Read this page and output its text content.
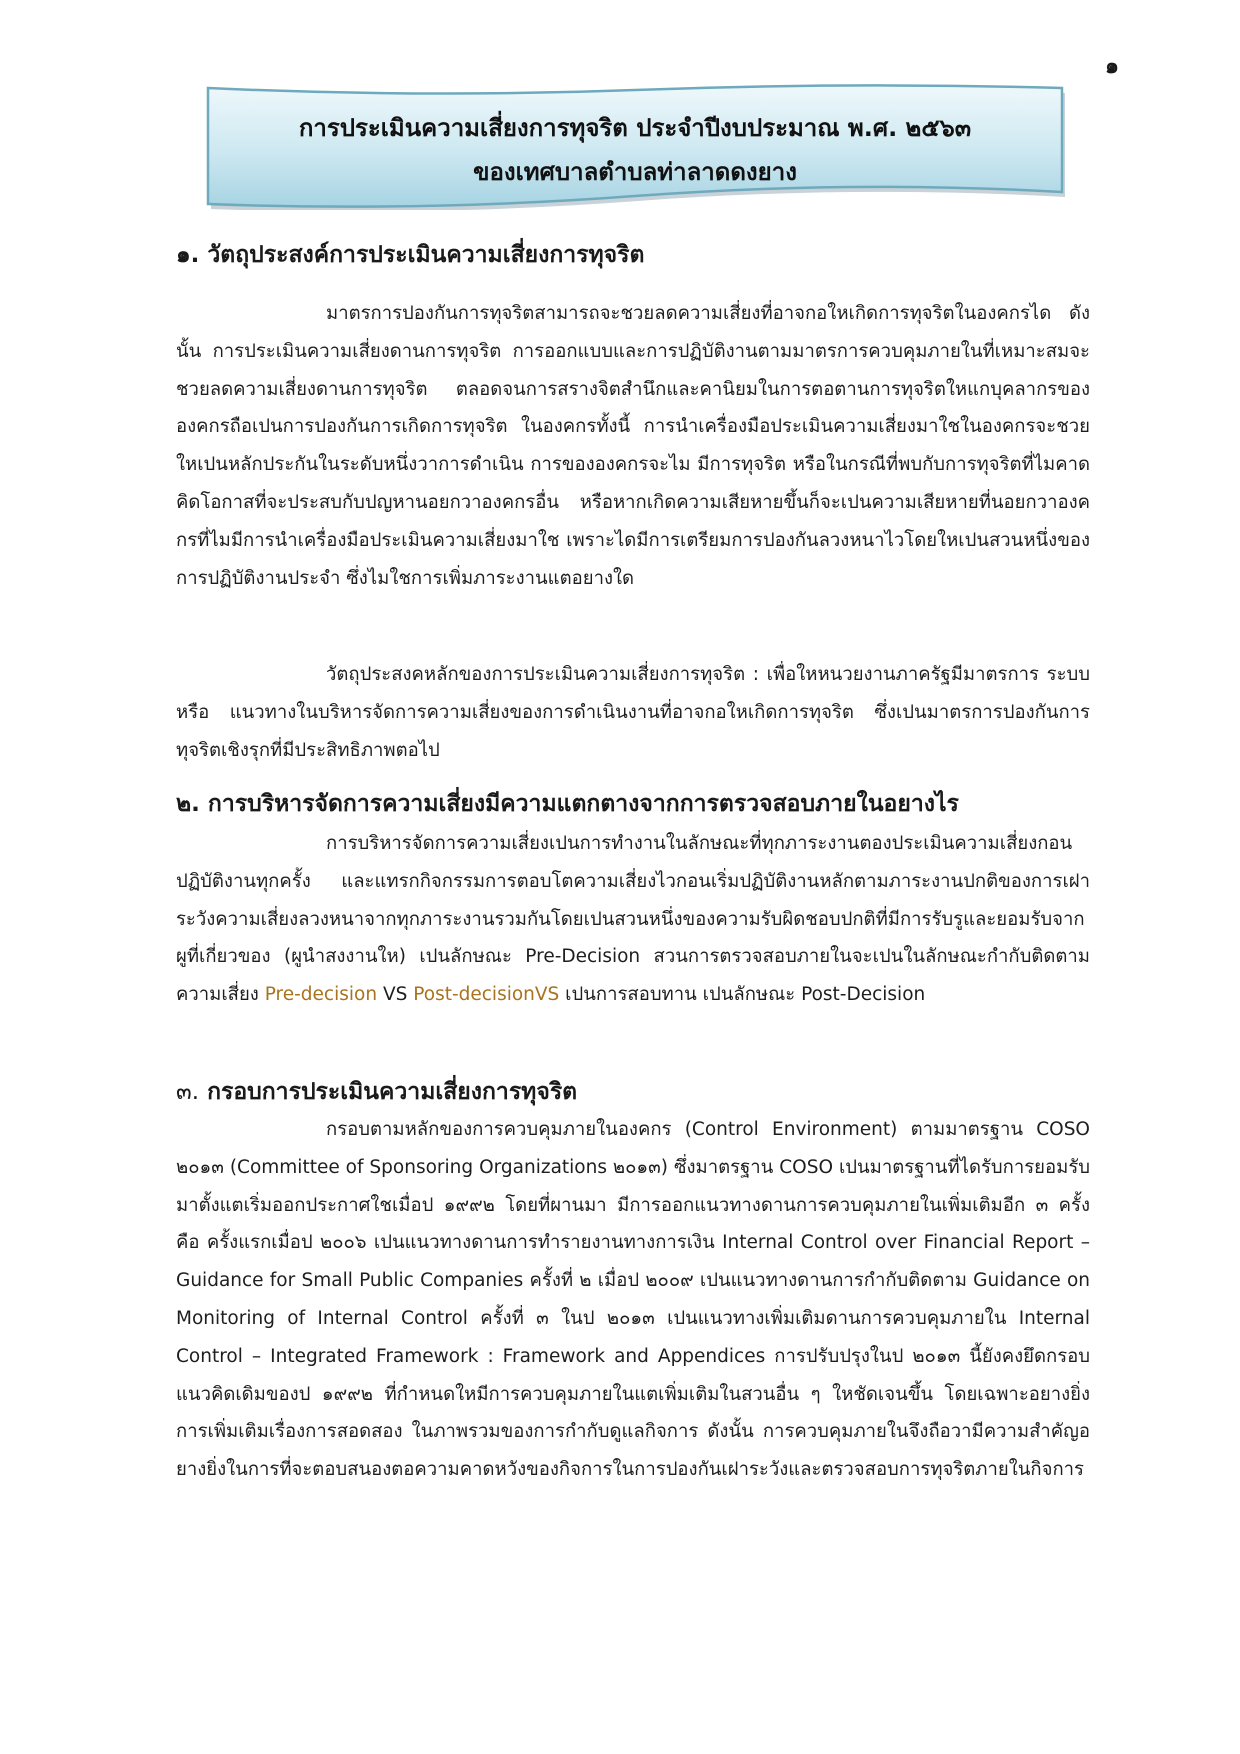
๑
การประเมินความเสี่ยงการทุจริต ประจำปีงบประมาณ พ.ศ. ๒๕๖๓
ของเทศบาลตำบลท่าลาดดงยาง
๑. วัตถุประสงค์การประเมินความเสี่ยงการทุจริต

มาตรการปองกันการทุจริตสามารถจะชวยลดความเสี่ยงที่อาจกอใหเกิดการทุจริตในองคกรได ดังนั้น การประเมินความเสี่ยงดานการทุจริต การออกแบบและการปฏิบัติงานตามมาตรการควบคุมภายในที่เหมาะสมจะชวยลดความเสี่ยงดานการทุจริต ตลอดจนการสรางจิตสำนึกและคานิยมในการตอตานการทุจริตใหแกบุคลากรขององคกรถือเปนการปองกันการเกิดการทุจริต ในองคกรทั้งนี้ การนำเครื่องมือประเมินความเสี่ยงมาใชในองคกรจะชวยใหเปนหลักประกันในระดับหนึ่งวาการดำเนิน การขององคกรจะไม มีการทุจริต หรือในกรณีที่พบกับการทุจริตที่ไมคาดคิดโอกาสที่จะประสบกับปญหานอยกวาองคกรอื่น หรือหากเกิดความเสียหายขึ้นก็จะเปนความเสียหายที่นอยกวาองคกรที่ไมมีการนำเครื่องมือประเมินความเสี่ยงมาใช เพราะไดมีการเตรียมการปองกันลวงหนาไวโดยใหเปนสวนหนึ่งของการปฏิบัติงานประจำ ซึ่งไมใชการเพิ่มภาระงานแตอยางใด

วัตถุประสงคหลักของการประเมินความเสี่ยงการทุจริต : เพื่อใหหนวยงานภาครัฐมีมาตรการ ระบบ หรือ แนวทางในบริหารจัดการความเสี่ยงของการดำเนินงานที่อาจกอใหเกิดการทุจริต ซึ่งเปนมาตรการปองกันการทุจริตเชิงรุกที่มีประสิทธิภาพตอไป

๒. การบริหารจัดการความเสี่ยงมีความแตกตางจากการตรวจสอบภายในอยางไร

การบริหารจัดการความเสี่ยงเปนการทำงานในลักษณะที่ทุกภาระงานตองประเมินความเสี่ยงกอนปฏิบัติงานทุกครั้ง และแทรกกิจกรรมการตอบโตความเสี่ยงไวกอนเริ่มปฏิบัติงานหลักตามภาระงานปกติของการเฝาระวังความเสี่ยงลวงหนาจากทุกภาระงานรวมกันโดยเปนสวนหนึ่งของความรับผิดชอบปกติที่มีการรับรูและยอมรับจากผูที่เกี่ยวของ (ผูนำสงงานให) เปนลักษณะ Pre-Decision สวนการตรวจสอบภายในจะเปนในลักษณะกำกับติดตามความเสี่ยง Pre-decision VS Post-decisionVS เปนการสอบทาน เปนลักษณะ Post-Decision

๓. กรอบการประเมินความเสี่ยงการทุจริต

กรอบตามหลักของการควบคุมภายในองคกร (Control Environment) ตามมาตรฐาน COSO ๒๐๑๓ (Committee of Sponsoring Organizations ๒๐๑๓) ซึ่งมาตรฐาน COSO เปนมาตรฐานที่ไดรับการยอมรับมาตั้งแตเริ่มออกประกาศใชเมื่อป ๑๙๙๒ โดยที่ผานมา มีการออกแนวทางดานการควบคุมภายในเพิ่มเติมอีก ๓ ครั้ง คือ ครั้งแรกเมื่อป ๒๐๐๖ เปนแนวทางดานการทำรายงานทางการเงิน Internal Control over Financial Report – Guidance for Small Public Companies ครั้งที่ ๒ เมื่อป ๒๐๐๙ เปนแนวทางดานการกำกับติดตาม Guidance on Monitoring of Internal Control ครั้งที่ ๓ ในป ๒๐๑๓ เปนแนวทางเพิ่มเติมดานการควบคุมภายใน Internal Control – Integrated Framework : Framework and Appendices การปรับปรุงในป ๒๐๑๓ นี้ยังคงยึดกรอบแนวคิดเดิมของป ๑๙๙๒ ที่กำหนดใหมีการควบคุมภายในแตเพิ่มเติมในสวนอื่น ๆ ใหชัดเจนขึ้น โดยเฉพาะอยางยิ่งการเพิ่มเติมเรื่องการสอดสอง ในภาพรวมของการกำกับดูแลกิจการ ดังนั้น การควบคุมภายในจึงถือวามีความสำคัญอยางยิ่งในการที่จะตอบสนองตอความคาดหวังของกิจการในการปองกันเฝาระวังและตรวจสอบการทุจริตภายในกิจการ
